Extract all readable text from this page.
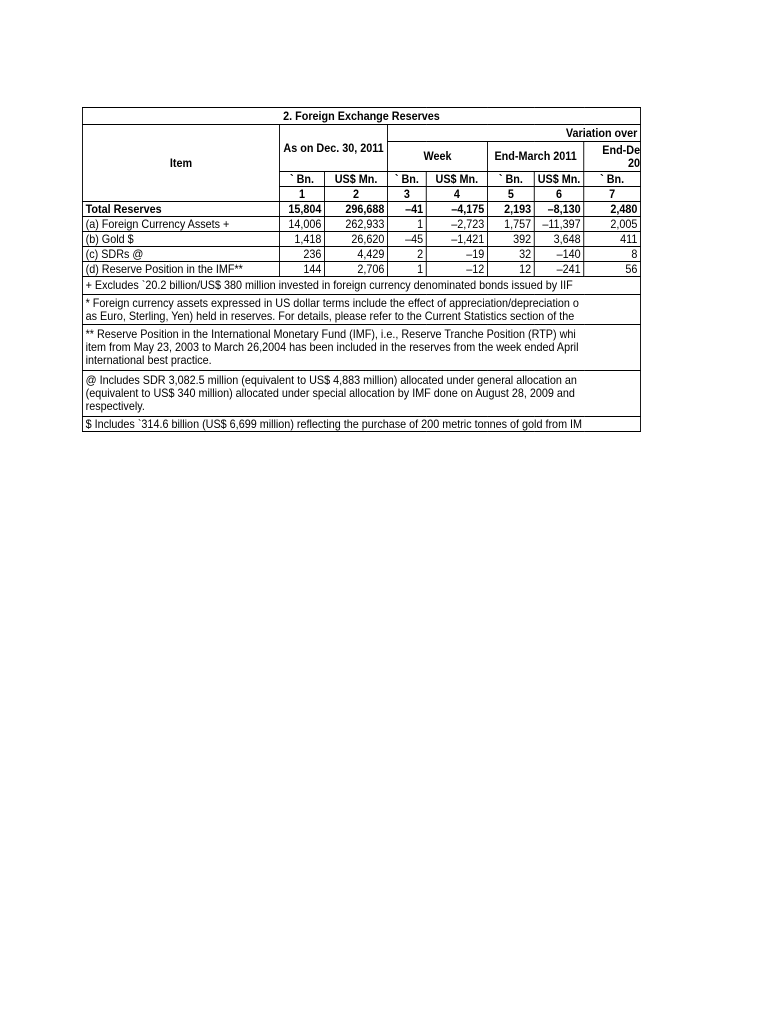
2. Foreign Exchange Reserves							
Item	As on Dec. 30, 2011		Variation over				
			Week		End-March 2011		End-De
20

	` Bn.	US$ Mn.	` Bn.	US$ Mn.	` Bn.	US$ Mn.	` Bn.
	1	2	3	4	5	6	7
Total Reserves	15,804	296,688	–41	–4,175	2,193	–8,130	2,480
(a) Foreign Currency Assets +	14,006	262,933	1	–2,723	1,757	–11,397	2,005
(b) Gold $	1,418	26,620	–45	–1,421	392	3,648	411
(c) SDRs @	236	4,429	2	–19	32	–140	8
(d) Reserve Position in the IMF**	144	2,706	1	–12	12	–241	56
+ Excludes `20.2 billion/US$ 380 million invested in foreign currency denominated bonds issued by IIF							

* Foreign currency assets expressed in US dollar terms include the effect of appreciation/depreciation o
as Euro, Sterling, Yen) held in reserves. For details, please refer to the Current Statistics section of the							

** Reserve Position in the International Monetary Fund (IMF), i.e., Reserve Tranche Position (RTP) whi
item from May 23, 2003 to March 26,2004 has been included in the reserves from the week ended April
international best practice.							

@ Includes SDR 3,082.5 million (equivalent to US$ 4,883 million) allocated under general allocation an
(equivalent to US$ 340 million) allocated under special allocation by IMF done on August 28, 2009 and
respectively.							

$ Includes `314.6 billion (US$ 6,699 million) reflecting the purchase of 200 metric tonnes of gold from IM							
